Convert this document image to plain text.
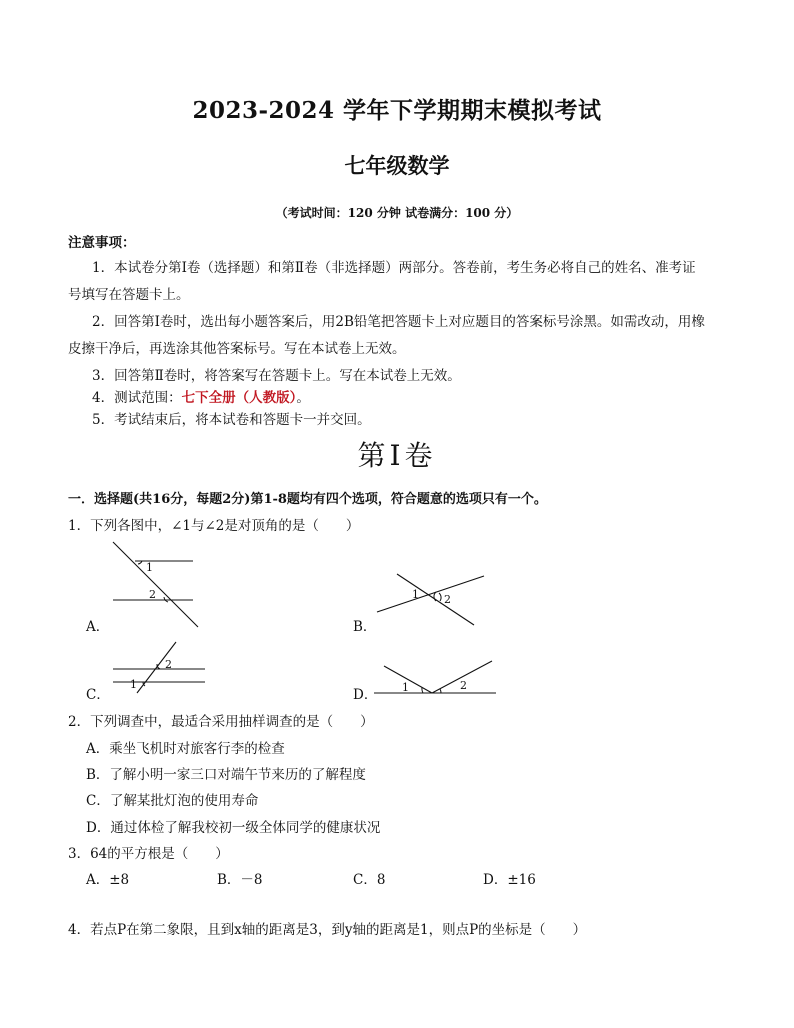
2023-2024 学年下学期期末模拟考试
七年级数学
（考试时间：120 分钟 试卷满分：100 分）
注意事项：
1．本试卷分第Ⅰ卷（选择题）和第Ⅱ卷（非选择题）两部分。答卷前，考生务必将自己的姓名、准考证
号填写在答题卡上。
2．回答第Ⅰ卷时，选出每小题答案后，用2B铅笔把答题卡上对应题目的答案标号涂黑。如需改动，用橡
皮擦干净后，再选涂其他答案标号。写在本试卷上无效。
3．回答第Ⅱ卷时，将答案写在答题卡上。写在本试卷上无效。
4．测试范围：七下全册（人教版）。
5．考试结束后，将本试卷和答题卡一并交回。
第Ⅰ卷
一．选择题(共16分，每题2分)第1-8题均有四个选项，符合题意的选项只有一个。
1．下列各图中，∠1与∠2是对顶角的是（　　）
1
2
A．
1 2
B．
2
1
C．	1	2
D．
2．下列调查中，最适合采用抽样调查的是（　　）
A．乘坐飞机时对旅客行李的检查
B．了解小明一家三口对端午节来历的了解程度
C．了解某批灯泡的使用寿命
D．通过体检了解我校初一级全体同学的健康状况
3．64的平方根是（　　）
A．±8	B．－8	C．8	D．±16
4．若点P在第二象限，且到x轴的距离是3，到y轴的距离是1，则点P的坐标是（　　）
